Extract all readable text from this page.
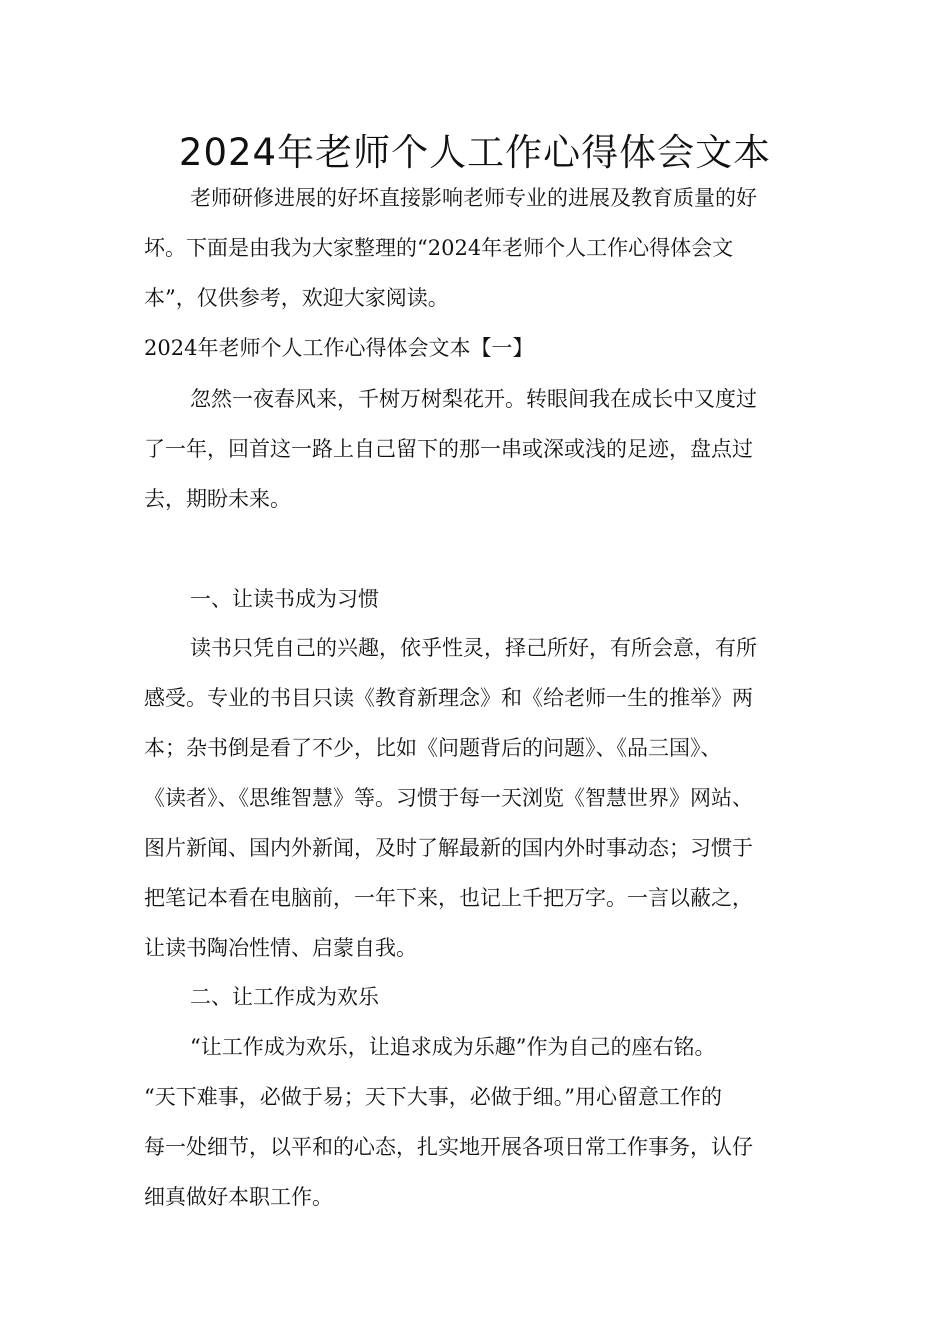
2024年老师个人工作心得体会文本

老师研修进展的好坏直接影响老师专业的进展及教育质量的好
坏。下面是由我为大家整理的“2024年老师个人工作心得体会文
本”，仅供参考，欢迎大家阅读。

2024年老师个人工作心得体会文本【一】

忽然一夜春风来，千树万树梨花开。转眼间我在成长中又度过
了一年，回首这一路上自己留下的那一串或深或浅的足迹，盘点过
去，期盼未来。

一、让读书成为习惯

读书只凭自己的兴趣，依乎性灵，择己所好，有所会意，有所
感受。专业的书目只读《教育新理念》和《给老师一生的推举》两
本；杂书倒是看了不少，比如《问题背后的问题》、《品三国》、
《读者》、《思维智慧》等。习惯于每一天浏览《智慧世界》网站、
图片新闻、国内外新闻，及时了解最新的国内外时事动态；习惯于
把笔记本看在电脑前，一年下来，也记上千把万字。一言以蔽之，
让读书陶冶性情、启蒙自我。

二、让工作成为欢乐

“让工作成为欢乐，让追求成为乐趣”作为自己的座右铭。
“天下难事，必做于易；天下大事，必做于细。”用心留意工作的
每一处细节，以平和的心态，扎实地开展各项日常工作事务，认仔
细真做好本职工作。
